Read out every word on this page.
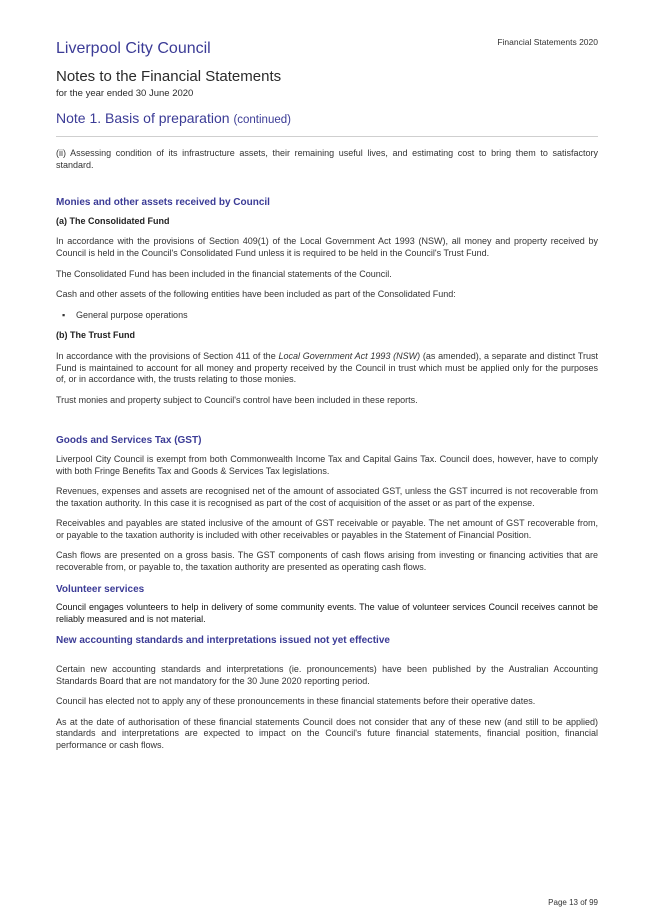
Financial Statements 2020
Liverpool City Council
Notes to the Financial Statements
for the year ended 30 June 2020
Note 1. Basis of preparation (continued)

(ii) Assessing condition of its infrastructure assets, their remaining useful lives, and estimating cost to bring them to satisfactory standard.

Monies and other assets received by Council

(a) The Consolidated Fund

In accordance with the provisions of Section 409(1) of the Local Government Act 1993 (NSW), all money and property received by Council is held in the Council's Consolidated Fund unless it is required to be held in the Council's Trust Fund.

The Consolidated Fund has been included in the financial statements of the Council.

Cash and other assets of the following entities have been included as part of the Consolidated Fund:

▪ General purpose operations

(b) The Trust Fund

In accordance with the provisions of Section 411 of the Local Government Act 1993 (NSW) (as amended), a separate and distinct Trust Fund is maintained to account for all money and property received by the Council in trust which must be applied only for the purposes of, or in accordance with, the trusts relating to those monies.

Trust monies and property subject to Council's control have been included in these reports.

Goods and Services Tax (GST)

Liverpool City Council is exempt from both Commonwealth Income Tax and Capital Gains Tax. Council does, however, have to comply with both Fringe Benefits Tax and Goods & Services Tax legislations.

Revenues, expenses and assets are recognised net of the amount of associated GST, unless the GST incurred is not recoverable from the taxation authority. In this case it is recognised as part of the cost of acquisition of the asset or as part of the expense.

Receivables and payables are stated inclusive of the amount of GST receivable or payable. The net amount of GST recoverable from, or payable to the taxation authority is included with other receivables or payables in the Statement of Financial Position.

Cash flows are presented on a gross basis. The GST components of cash flows arising from investing or financing activities that are recoverable from, or payable to, the taxation authority are presented as operating cash flows.

Volunteer services

Council engages volunteers to help in delivery of some community events. The value of volunteer services Council receives cannot be reliably measured and is not material.

New accounting standards and interpretations issued not yet effective

Certain new accounting standards and interpretations (ie. pronouncements) have been published by the Australian Accounting Standards Board that are not mandatory for the 30 June 2020 reporting period.

Council has elected not to apply any of these pronouncements in these financial statements before their operative dates.

As at the date of authorisation of these financial statements Council does not consider that any of these new (and still to be applied) standards and interpretations are expected to impact on the Council's future financial statements, financial position, financial performance or cash flows.

Page 13 of 99
